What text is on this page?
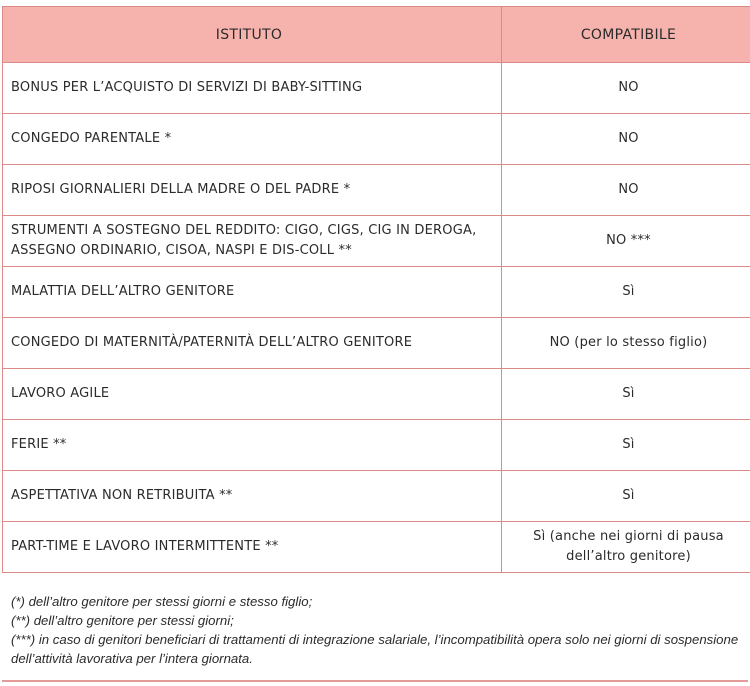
ISTITUTO	COMPATIBILE
BONUS PER L’ACQUISTO DI SERVIZI DI BABY-SITTING	NO
CONGEDO PARENTALE *	NO
RIPOSI GIORNALIERI DELLA MADRE O DEL PADRE *	NO
STRUMENTI A SOSTEGNO DEL REDDITO: CIGO, CIGS, CIG IN DEROGA, ASSEGNO ORDINARIO, CISOA, NASPI E DIS-COLL **	NO ***
MALATTIA DELL’ALTRO GENITORE	Sì
CONGEDO DI MATERNITÀ/PATERNITÀ DELL’ALTRO GENITORE	NO (per lo stesso figlio)
LAVORO AGILE	Sì
FERIE **	Sì
ASPETTATIVA NON RETRIBUITA **	Sì
PART-TIME E LAVORO INTERMITTENTE **	Sì (anche nei giorni di pausa dell’altro genitore)
(*) dell’altro genitore per stessi giorni e stesso figlio;
(**) dell’altro genitore per stessi giorni;
(***) in caso di genitori beneficiari di trattamenti di integrazione salariale, l’incompatibilità opera solo nei giorni di sospensione dell’attività lavorativa per l’intera giornata.
